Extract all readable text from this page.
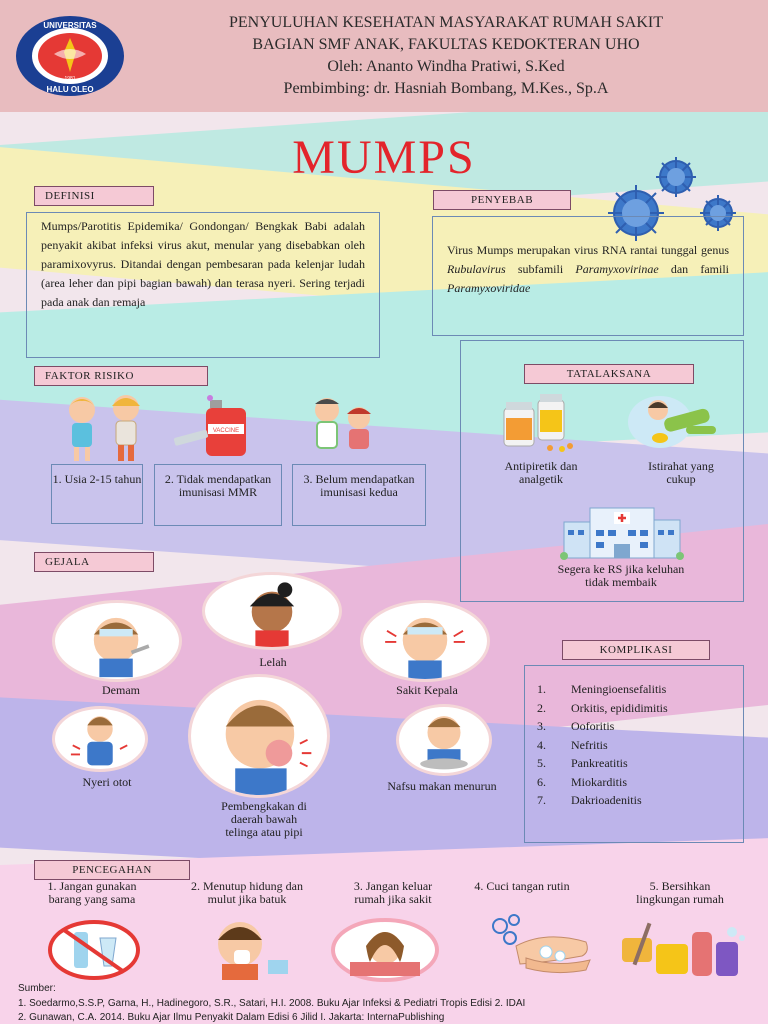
UNIVERSITAS
HALU OLEO
1981
PENYULUHAN KESEHATAN MASYARAKAT RUMAH SAKIT
BAGIAN SMF ANAK, FAKULTAS KEDOKTERAN UHO
Oleh: Ananto Windha Pratiwi, S.Ked
Pembimbing: dr. Hasniah Bombang, M.Kes., Sp.A
MUMPS
DEFINISI
Mumps/Parotitis Epidemika/ Gondongan/ Bengkak Babi adalah penyakit akibat infeksi virus akut, menular yang disebabkan oleh paramixovyrus. Ditandai dengan pembesaran pada kelenjar ludah (area leher dan pipi bagian bawah) dan terasa nyeri. Sering terjadi pada anak dan remaja
PENYEBAB
Virus Mumps merupakan virus RNA rantai tunggal genus Rubulavirus subfamili Paramyxovirinae dan famili Paramyxoviridae
FAKTOR RISIKO
VACCINE
1. Usia 2-15 tahun	2. Tidak mendapatkan imunisasi MMR
3. Belum mendapatkan imunisasi kedua
TATALAKSANA
Antipiretik dan analgetik
Istirahat yang cukup
Segera ke RS jika keluhan tidak membaik
GEJALA
Demam
Lelah
Sakit Kepala
Nyeri otot
Pembengkakan di daerah bawah telinga atau pipi
Nafsu makan menurun
KOMPLIKASI
1. Meningioensefalitis
2. Orkitis, epididimitis
3. Ooforitis
4. Nefritis
5. Pankreatitis
6. Miokarditis
7. Dakrioadenitis
PENCEGAHAN
1. Jangan gunakan barang yang sama
2. Menutup hidung dan mulut jika batuk
3. Jangan keluar rumah jika sakit
4. Cuci tangan rutin	5. Bersihkan lingkungan rumah
Sumber:
1. Soedarmo,S.S.P, Garna, H., Hadinegoro, S.R., Satari, H.I. 2008. Buku Ajar Infeksi & Pediatri Tropis Edisi 2. IDAI
2. Gunawan, C.A. 2014. Buku Ajar Ilmu Penyakit Dalam Edisi 6 Jilid I. Jakarta: InternaPublishing
